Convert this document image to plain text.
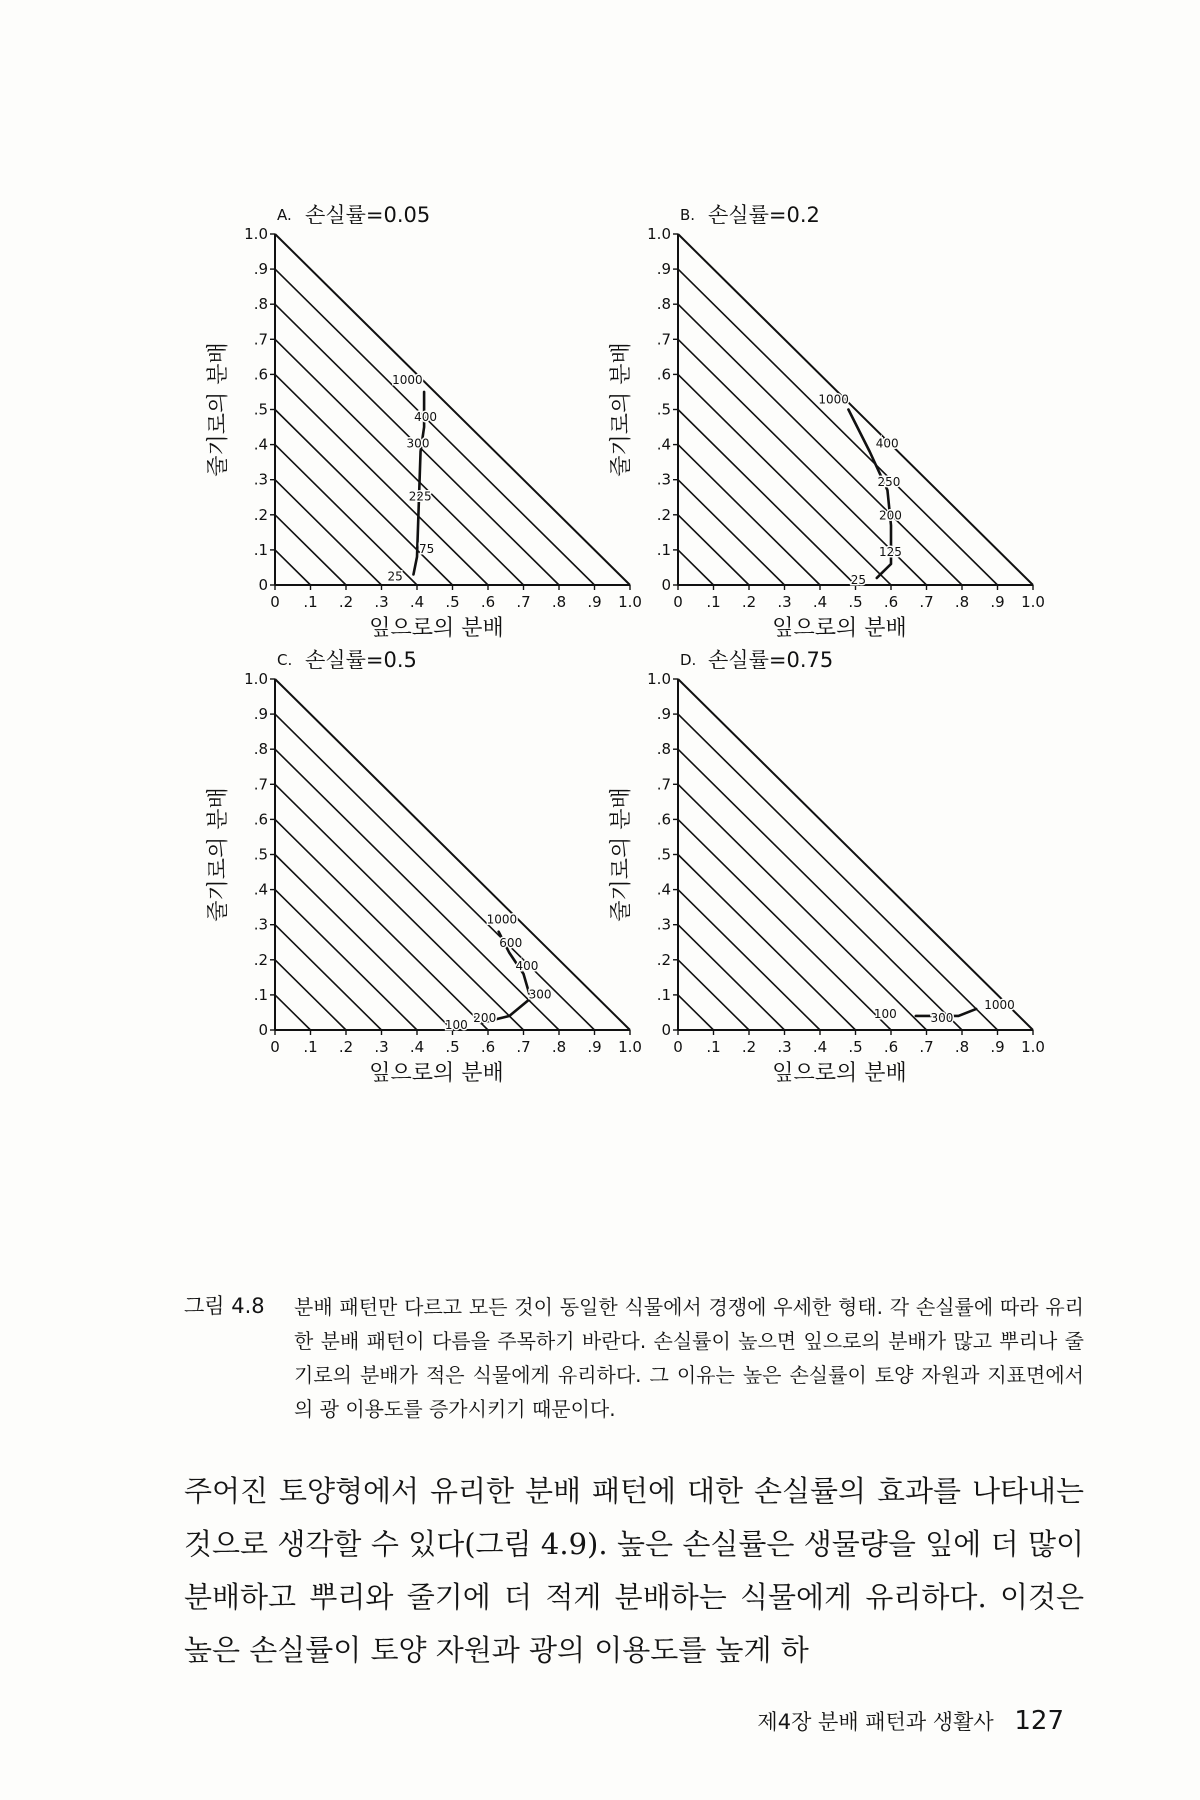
0 .1 .2 .3 .4 .5 .6 .7 .8 .9 1.0
0
.1
.2
.3
.4
.5
.6
.7
.8
.9
1.0
A. 손실률=0.05
잎으로의 분배
줄기로의 분배
25
75
225
300
400
1000
0 .1 .2 .3 .4 .5 .6 .7 .8 .9 1.0
0
.1
.2
.3
.4
.5
.6
.7
.8
.9
1.0
B. 손실률=0.2
잎으로의 분배
줄기로의 분배
25
125
200
250
400
1000
0 .1 .2 .3 .4 .5 .6 .7 .8 .9 1.0
0
.1
.2
.3
.4
.5
.6
.7
.8
.9
1.0
C. 손실률=0.5
잎으로의 분배
줄기로의 분배
100
200
300
400
600
1000
0 .1 .2 .3 .4 .5 .6 .7 .8 .9 1.0
0
.1
.2
.3
.4
.5
.6
.7
.8
.9
1.0
D. 손실률=0.75
잎으로의 분배
줄기로의 분배
100	300
1000
그림 4.8 분배 패턴만 다르고 모든 것이 동일한 식물에서 경쟁에 우세한 형태. 각 손실률에 따라 유리한 분배 패턴이 다름을 주목하기 바란다. 손실률이 높으면 잎으로의 분배가 많고 뿌리나 줄기로의 분배가 적은 식물에게 유리하다. 그 이유는 높은 손실률이 토양 자원과 지표면에서의 광 이용도를 증가시키기 때문이다.
주어진 토양형에서 유리한 분배 패턴에 대한 손실률의 효과를 나타내는 것으로 생각할 수 있다(그림 4.9). 높은 손실률은 생물량을 잎에 더 많이 분배하고 뿌리와 줄기에 더 적게 분배하는 식물에게 유리하다. 이것은 높은 손실률이 토양 자원과 광의 이용도를 높게 하
제4장 분배 패턴과 생활사 127
